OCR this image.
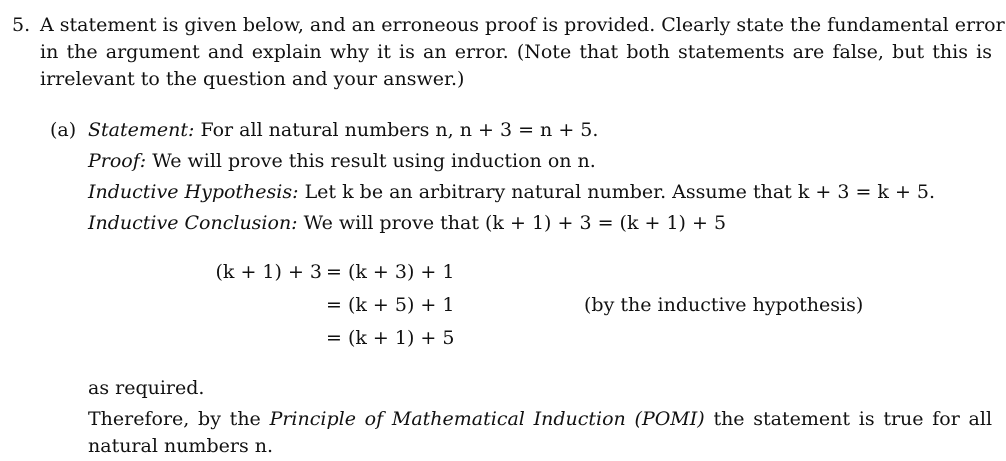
5. A statement is given below, and an erroneous proof is provided. Clearly state the fundamental error
in the argument and explain why it is an error. (Note that both statements are false, but this is
irrelevant to the question and your answer.)
(a) Statement: For all natural numbers n, n + 3 = n + 5.
Proof: We will prove this result using induction on n.
Inductive Hypothesis: Let k be an arbitrary natural number. Assume that k + 3 = k + 5.
Inductive Conclusion: We will prove that (k + 1) + 3 = (k + 1) + 5
(k + 1) + 3 = (k + 3) + 1
= (k + 5) + 1	(by the inductive hypothesis)
= (k + 1) + 5
as required.
Therefore, by the Principle of Mathematical Induction (POMI) the statement is true for all
natural numbers n.
